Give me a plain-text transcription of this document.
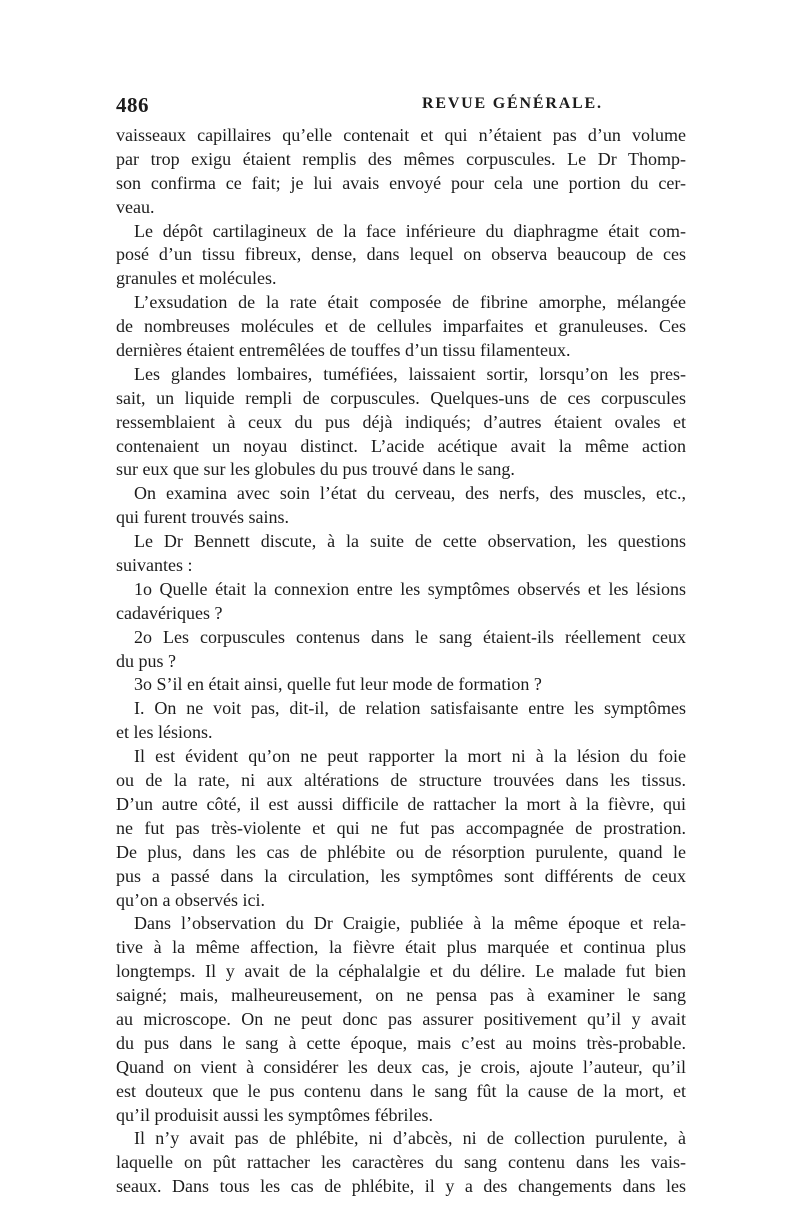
486	REVUE GÉNÉRALE.
vaisseaux capillaires qu’elle contenait et qui n’étaient pas d’un volume
par trop exigu étaient remplis des mêmes corpuscules. Le Dr Thomp-
son confirma ce fait; je lui avais envoyé pour cela une portion du cer-
veau.
Le dépôt cartilagineux de la face inférieure du diaphragme était com-
posé d’un tissu fibreux, dense, dans lequel on observa beaucoup de ces
granules et molécules.
L’exsudation de la rate était composée de fibrine amorphe, mélangée
de nombreuses molécules et de cellules imparfaites et granuleuses. Ces
dernières étaient entremêlées de touffes d’un tissu filamenteux.
Les glandes lombaires, tuméfiées, laissaient sortir, lorsqu’on les pres-
sait, un liquide rempli de corpuscules. Quelques-uns de ces corpuscules
ressemblaient à ceux du pus déjà indiqués; d’autres étaient ovales et
contenaient un noyau distinct. L’acide acétique avait la même action
sur eux que sur les globules du pus trouvé dans le sang.
On examina avec soin l’état du cerveau, des nerfs, des muscles, etc.,
qui furent trouvés sains.
Le Dr Bennett discute, à la suite de cette observation, les questions
suivantes :
1o Quelle était la connexion entre les symptômes observés et les lésions
cadavériques ?
2o Les corpuscules contenus dans le sang étaient-ils réellement ceux
du pus ?
3o S’il en était ainsi, quelle fut leur mode de formation ?
I. On ne voit pas, dit-il, de relation satisfaisante entre les symptômes
et les lésions.
Il est évident qu’on ne peut rapporter la mort ni à la lésion du foie
ou de la rate, ni aux altérations de structure trouvées dans les tissus.
D’un autre côté, il est aussi difficile de rattacher la mort à la fièvre, qui
ne fut pas très-violente et qui ne fut pas accompagnée de prostration.
De plus, dans les cas de phlébite ou de résorption purulente, quand le
pus a passé dans la circulation, les symptômes sont différents de ceux
qu’on a observés ici.
Dans l’observation du Dr Craigie, publiée à la même époque et rela-
tive à la même affection, la fièvre était plus marquée et continua plus
longtemps. Il y avait de la céphalalgie et du délire. Le malade fut bien
saigné; mais, malheureusement, on ne pensa pas à examiner le sang
au microscope. On ne peut donc pas assurer positivement qu’il y avait
du pus dans le sang à cette époque, mais c’est au moins très-probable.
Quand on vient à considérer les deux cas, je crois, ajoute l’auteur, qu’il
est douteux que le pus contenu dans le sang fût la cause de la mort, et
qu’il produisit aussi les symptômes fébriles.
Il n’y avait pas de phlébite, ni d’abcès, ni de collection purulente, à
laquelle on pût rattacher les caractères du sang contenu dans les vais-
seaux. Dans tous les cas de phlébite, il y a des changements dans les
